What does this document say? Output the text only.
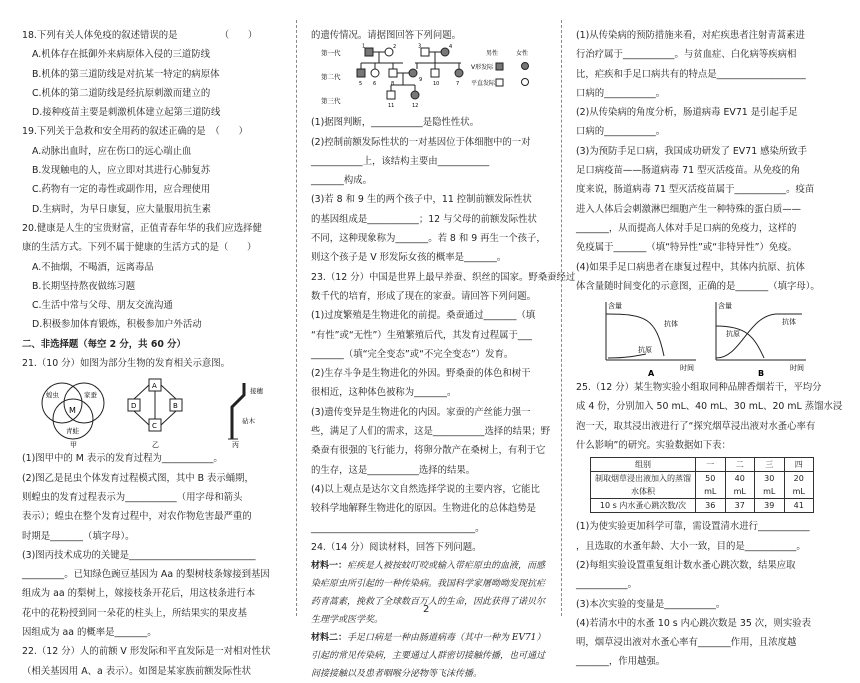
18.下列有关人体免疫的叙述错误的是　　　　　（　　）
A.机体存在抵御外来病原体入侵的三道防线
B.机体的第三道防线是对抗某一特定的病原体
C.机体的第二道防线是经抗原刺激而建立的
D.接种疫苗主要是刺激机体建立起第三道防线
19.下列关于急救和安全用药的叙述正确的是　（　　）
A.动脉出血时，应在伤口的远心端止血
B.发现触电的人，应立即对其进行心肺复苏
C.药物有一定的毒性或副作用，应合理使用
D.生病时，为早日康复，应大量服用抗生素
20.健康是人生的宝贵财富，正值青春年华的我们应选择健
康的生活方式。下列不属于健康的生活方式的是（　　）
A.不抽烟，不喝酒，远离毒品
B.长期坚持熬夜做练习题
C.生活中常与父母、朋友交流沟通
D.积极参加体育锻炼，积极参加户外活动
二、非选择题（每空 2 分，共 60 分）
21.（10 分）如图为部分生物的发育相关示意图。
蝗虫	家蚕
青蛙
M
甲
A
B
C
D
乙
接穗
砧木
丙
(1)图甲中的 M 表示的发育过程为___________。
(2)图乙是昆虫个体发育过程模式图，其中 B 表示蛹期，
则蝗虫的发育过程表示为___________（用字母和箭头
表示）；蝗虫在整个发育过程中，对农作物危害最严重的
时期是_______（填字母）。
(3)图丙技术成功的关键是___________________________
_________。已知绿色豌豆基因为 Aa 的梨树枝条嫁接到基因
组成为 aa 的梨树上，嫁接枝条开花后，用这枝条进行本
花中的花粉授到同一朵花的柱头上，所结果实的果皮基
因组成为 aa 的概率是_______。
22.（12 分）人的前额 V 形发际和平直发际是一对相对性状
（相关基因用 A、a 表示）。如图是某家族前额发际性状
的遗传情况。请据图回答下列问题。
第一代
第二代
第三代
男性	女性
V形发际
平直发际
1	2	3	4
5 6	8
9
10	7
11	12
(1)据图判断，___________是隐性性状。
(2)控制前额发际性状的一对基因位于体细胞中的一对
___________上，该结构主要由___________
_______构成。
(3)若 8 和 9 生的两个孩子中，11 控制前额发际性状
的基因组成是___________；12 与父母的前额发际性状
不同，这种现象称为_______。若 8 和 9 再生一个孩子，
则这个孩子是 V 形发际女孩的概率是_______。
23.（12 分）中国是世界上最早养蚕、织丝的国家。野桑蚕经过
数千代的培育，形成了现在的家蚕。请回答下列问题。
(1)过度繁殖是生物进化的前提。桑蚕通过_______（填
“有性”或“无性”）生殖繁殖后代，其发育过程属于___
_______（填“完全变态”或“不完全变态”）发育。
(2)生存斗争是生物进化的外因。野桑蚕的体色和树干
很相近，这种体色被称为_______。
(3)遗传变异是生物进化的内因。家蚕的产丝能力强一
些，满足了人们的需求，这是___________选择的结果；野
桑蚕有很强的飞行能力，将卵分散产在桑树上，有利于它
的生存，这是___________选择的结果。
(4)以上观点是达尔文自然选择学说的主要内容，它能比
较科学地解释生物进化的原因。生物进化的总体趋势是
___________________________________。
24.（14 分）阅读材料，回答下列问题。
材料一：疟疾是人被按蚊叮咬或输入带疟原虫的血液，而感染疟原虫所引起的一种传染病。我国科学家屠呦呦发现抗疟药青蒿素，挽救了全球数百万人的生命，因此获得了诺贝尔生理学或医学奖。
材料二：手足口病是一种由肠道病毒（其中一种为 EV71）引起的常见传染病，主要通过人群密切接触传播，也可通过间接接触以及患者咽喉分泌物等飞沫传播。
(1)从传染病的预防措施来看，对疟疾患者注射青蒿素进
行治疗属于___________。与贫血症、白化病等疾病相
比，疟疾和手足口病共有的特点是___________________
口病的___________。
(2)从传染病的角度分析，肠道病毒 EV71 是引起手足
口病的___________。
(3)为预防手足口病，我国成功研发了 EV71 感染所致手
足口病疫苗——肠道病毒 71 型灭活疫苗。从免疫的角
度来说，肠道病毒 71 型灭活疫苗属于___________。疫苗
进入人体后会刺激淋巴细胞产生一种特殊的蛋白质——
_______，从而提高人体对手足口病的免疫力，这样的
免疫属于_______（填“特异性”或“非特异性”）免疫。
(4)如果手足口病患者在康复过程中，其体内抗原、抗体
体含量随时间变化的示意图，正确的是_______（填字母）。
含量
时间
抗体
抗原
A
含量
时间
抗体
抗原
B
25.（12 分）某生物实验小组取同种品牌香烟若干，平均分
成 4 份，分别加入 50 mL、40 mL、30 mL、20 mL 蒸馏水浸
泡一天，取其浸出液进行了“探究烟草浸出液对水蚤心率有
什么影响”的研究。实验数据如下表：
组别	一	二	三	四
制取烟草浸出液加入的蒸馏水体积	50 mL	40 mL	30 mL	20 mL
10 s 内水蚤心跳次数/次	36	37	39	41
(1)为使实验更加科学可靠，需设置清水进行___________
，且选取的水蚤年龄、大小一致，目的是___________。
(2)每组实验设置重复组计数水蚤心跳次数，结果应取
___________。
(3)本次实验的变量是___________。
(4)若清水中的水蚤 10 s 内心跳次数是 35 次，则实验表
明，烟草浸出液对水蚤心率有_______作用，且浓度越
_______，作用越强。
2
